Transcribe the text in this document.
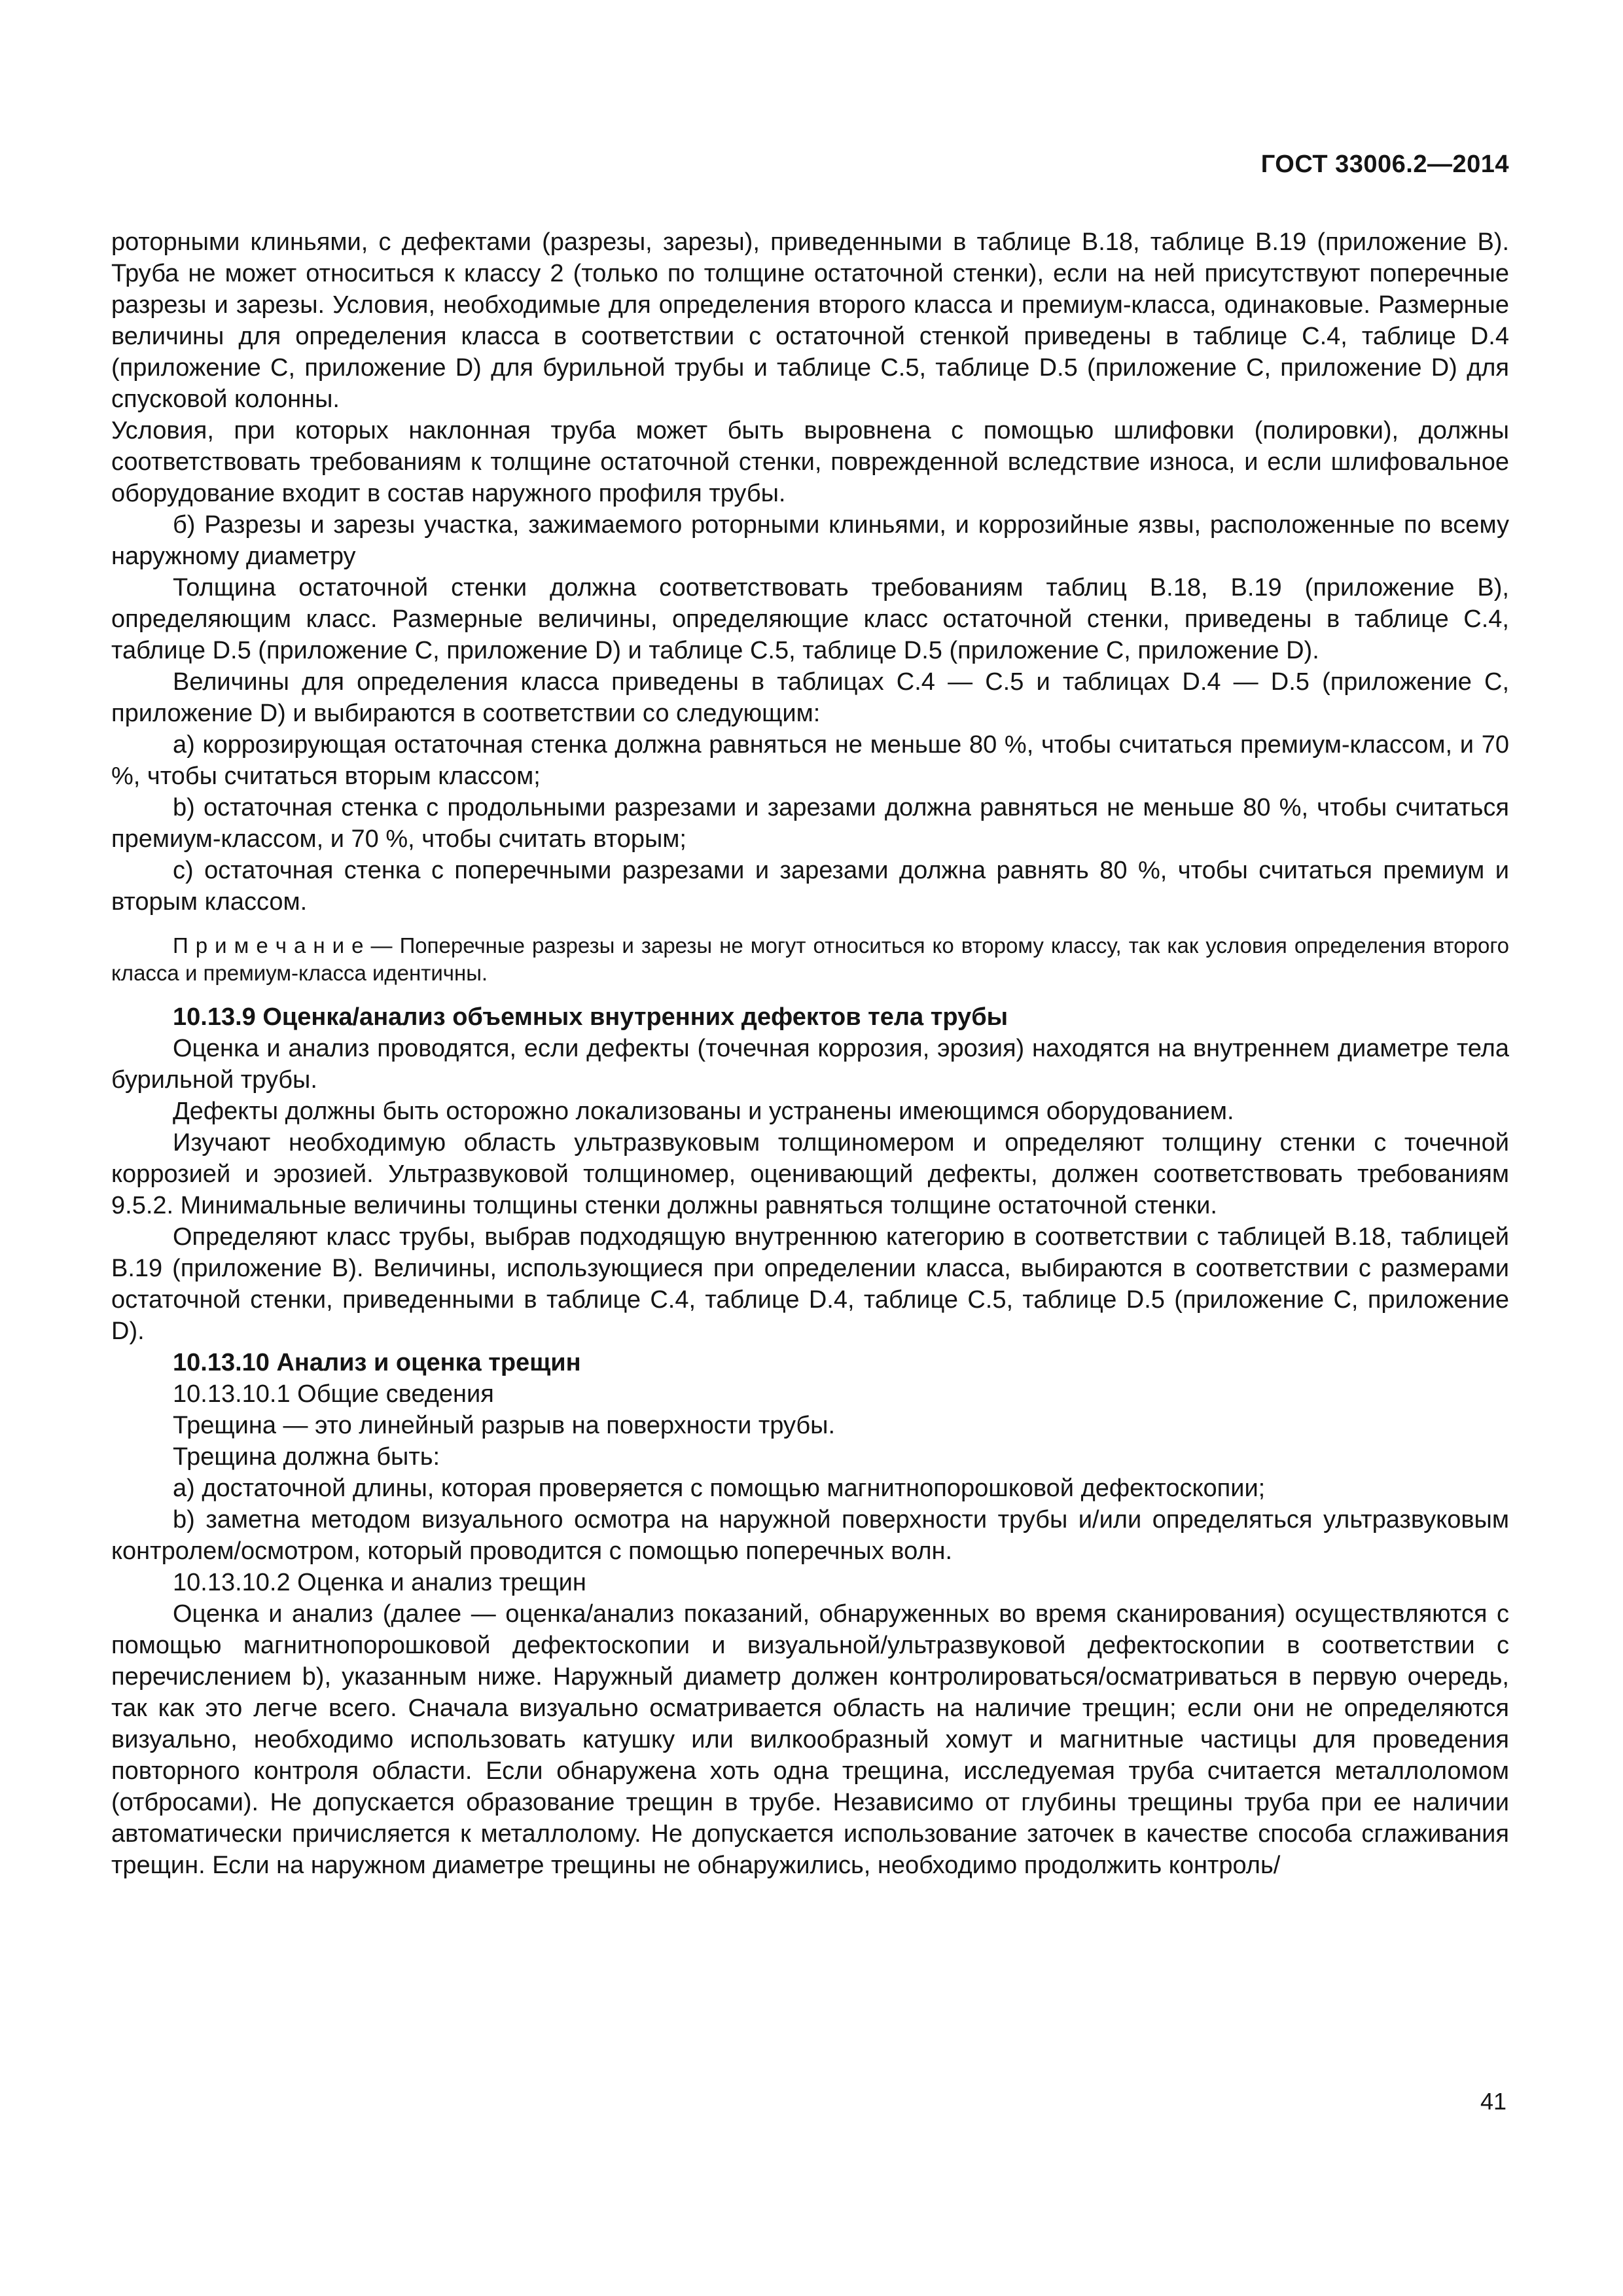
ГОСТ 33006.2—2014

роторными клиньями, с дефектами (разрезы, зарезы), приведенными в таблице В.18, таблице В.19 (приложение В). Труба не может относиться к классу 2 (только по толщине остаточной стенки), если на ней присутствуют поперечные разрезы и зарезы. Условия, необходимые для определения второго класса и премиум-класса, одинаковые. Размерные величины для определения класса в соответствии с остаточной стенкой приведены в таблице С.4, таблице D.4 (приложение С, приложение D) для бурильной трубы и таблице С.5, таблице D.5 (приложение С, приложение D) для спусковой колонны.

Условия, при которых наклонная труба может быть выровнена с помощью шлифовки (полировки), должны соответствовать требованиям к толщине остаточной стенки, поврежденной вследствие износа, и если шлифовальное оборудование входит в состав наружного профиля трубы.

б) Разрезы и зарезы участка, зажимаемого роторными клиньями, и коррозийные язвы, расположенные по всему наружному диаметру

Толщина остаточной стенки должна соответствовать требованиям таблиц В.18, В.19 (приложение В), определяющим класс. Размерные величины, определяющие класс остаточной стенки, приведены в таблице С.4, таблице D.5 (приложение С, приложение D) и таблице С.5, таблице D.5 (приложение С, приложение D).

Величины для определения класса приведены в таблицах С.4 — С.5 и таблицах D.4 — D.5 (приложение С, приложение D) и выбираются в соответствии со следующим:

a) коррозирующая остаточная стенка должна равняться не меньше 80 %, чтобы считаться премиум-классом, и 70 %, чтобы считаться вторым классом;

b) остаточная стенка с продольными разрезами и зарезами должна равняться не меньше 80 %, чтобы считаться премиум-классом, и 70 %, чтобы считать вторым;

c) остаточная стенка с поперечными разрезами и зарезами должна равнять 80 %, чтобы считаться премиум и вторым классом.

П р и м е ч а н и е — Поперечные разрезы и зарезы не могут относиться ко второму классу, так как условия определения второго класса и премиум-класса идентичны.

10.13.9 Оценка/анализ объемных внутренних дефектов тела трубы

Оценка и анализ проводятся, если дефекты (точечная коррозия, эрозия) находятся на внутреннем диаметре тела бурильной трубы.

Дефекты должны быть осторожно локализованы и устранены имеющимся оборудованием.

Изучают необходимую область ультразвуковым толщиномером и определяют толщину стенки с точечной коррозией и эрозией. Ультразвуковой толщиномер, оценивающий дефекты, должен соответствовать требованиям 9.5.2. Минимальные величины толщины стенки должны равняться толщине остаточной стенки.

Определяют класс трубы, выбрав подходящую внутреннюю категорию в соответствии с таблицей В.18, таблицей В.19 (приложение В). Величины, использующиеся при определении класса, выбираются в соответствии с размерами остаточной стенки, приведенными в таблице С.4, таблице D.4, таблице С.5, таблице D.5 (приложение С, приложение D).

10.13.10 Анализ и оценка трещин

10.13.10.1 Общие сведения

Трещина — это линейный разрыв на поверхности трубы.

Трещина должна быть:

a) достаточной длины, которая проверяется с помощью магнитнопорошковой дефектоскопии;

b) заметна методом визуального осмотра на наружной поверхности трубы и/или определяться ультразвуковым контролем/осмотром, который проводится с помощью поперечных волн.

10.13.10.2 Оценка и анализ трещин

Оценка и анализ (далее — оценка/анализ показаний, обнаруженных во время сканирования) осуществляются с помощью магнитнопорошковой дефектоскопии и визуальной/ультразвуковой дефектоскопии в соответствии с перечислением b), указанным ниже. Наружный диаметр должен контролироваться/осматриваться в первую очередь, так как это легче всего. Сначала визуально осматривается область на наличие трещин; если они не определяются визуально, необходимо использовать катушку или вилкообразный хомут и магнитные частицы для проведения повторного контроля области. Если обнаружена хоть одна трещина, исследуемая труба считается металлоломом (отбросами). Не допускается образование трещин в трубе. Независимо от глубины трещины труба при ее наличии автоматически причисляется к металлолому. Не допускается использование заточек в качестве способа сглаживания трещин. Если на наружном диаметре трещины не обнаружились, необходимо продолжить контроль/

41
